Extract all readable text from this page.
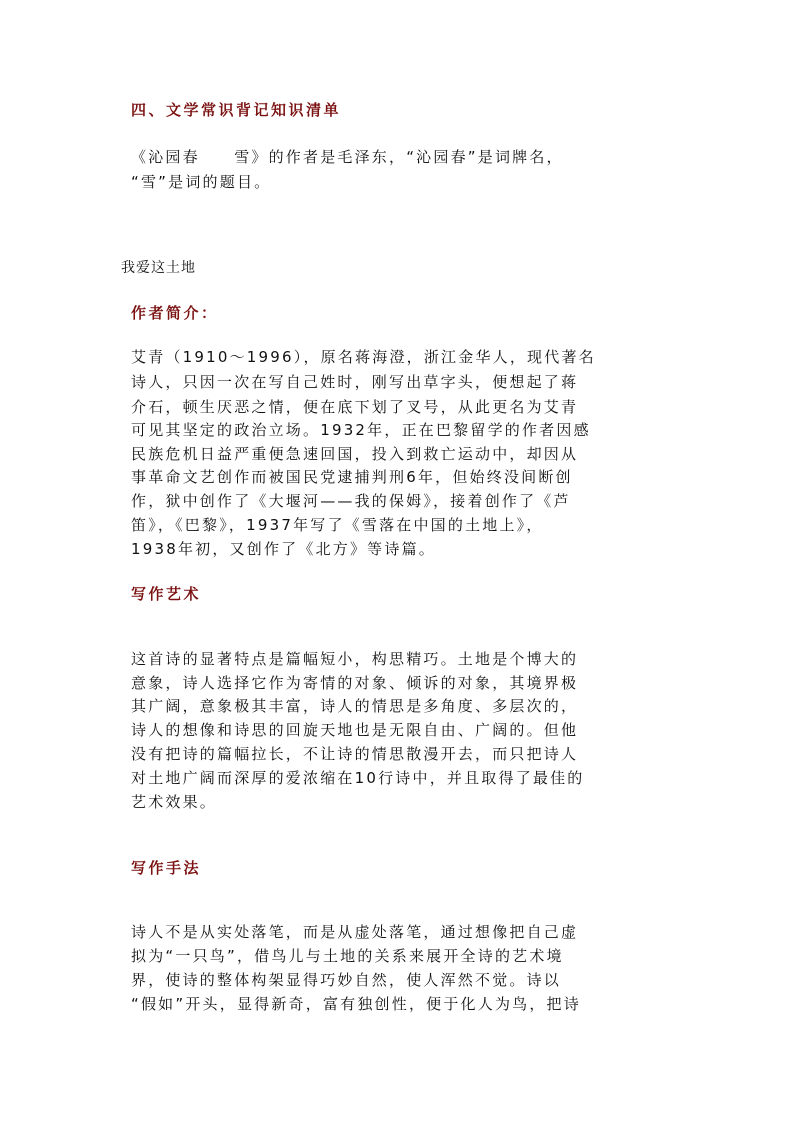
四、文学常识背记知识清单
《沁园春　　雪》的作者是毛泽东，“沁园春”是词牌名，
“雪”是词的题目。
我爱这土地
作者简介：
艾青（1910～1996），原名蒋海澄，浙江金华人，现代著名
诗人，只因一次在写自己姓时，刚写出草字头，便想起了蒋
介石，顿生厌恶之情，便在底下划了叉号，从此更名为艾青
可见其坚定的政治立场。1932年，正在巴黎留学的作者因感
民族危机日益严重便急速回国，投入到救亡运动中，却因从
事革命文艺创作而被国民党逮捕判刑6年，但始终没间断创
作，狱中创作了《大堰河——我的保姆》，接着创作了《芦
笛》，《巴黎》，1937年写了《雪落在中国的土地上》，
1938年初，又创作了《北方》等诗篇。
写作艺术
这首诗的显著特点是篇幅短小，构思精巧。土地是个博大的
意象，诗人选择它作为寄情的对象、倾诉的对象，其境界极
其广阔，意象极其丰富，诗人的情思是多角度、多层次的，
诗人的想像和诗思的回旋天地也是无限自由、广阔的。但他
没有把诗的篇幅拉长，不让诗的情思散漫开去，而只把诗人
对土地广阔而深厚的爱浓缩在10行诗中，并且取得了最佳的
艺术效果。
写作手法
诗人不是从实处落笔，而是从虚处落笔，通过想像把自己虚
拟为“一只鸟”，借鸟儿与土地的关系来展开全诗的艺术境
界，使诗的整体构架显得巧妙自然，使人浑然不觉。诗以
“假如”开头，显得新奇，富有独创性，便于化人为鸟，把诗
